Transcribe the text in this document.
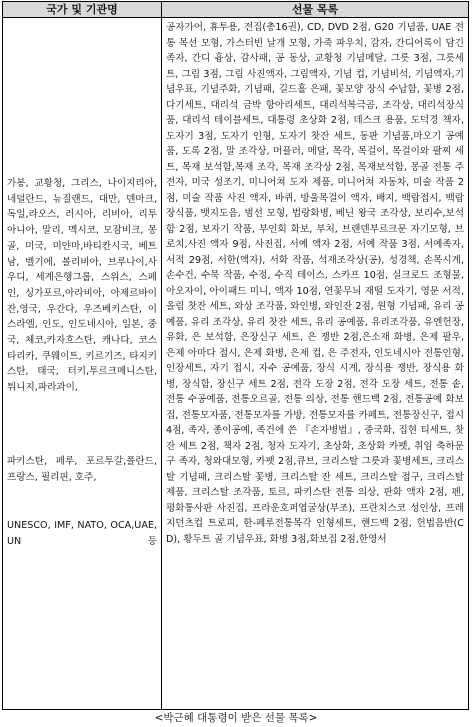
국가 및 기관명	선물 목록
가봉, 교황청, 그리스, 나이지리아, 네덜란드, 뉴질랜드, 대만, 덴마크, 독일,라오스, 러시아, 리비아, 리투아니아, 말리, 멕시코, 모잠비크, 몽골, 미국, 미얀마,바티칸시국, 베트남, 벨기에, 볼리비아, 브루나이,사우디, 세계은행그룹, 스위스, 스페인, 싱가포르,아라비아, 아제르바이잔,영국, 우간다, 우즈베키스탄, 이스라엘, 인도, 인도네시아, 일본, 중국, 체코,카자흐스탄, 캐나다, 코스타리카, 쿠웨이트, 키르기즈, 타지키스탄, 태국, 터키,투르크메니스탄, 튀니지,파라과이,
파키스탄, 페루, 포르투갈,폴란드, 프랑스, 필리핀, 호주,
UNESCO, IMF, NATO, OCA,UAE, UN 등
공자가어, 휴투용, 전집(총16권), CD, DVD 2점, G20 기념품, UAE 전통 목선 모형, 가스터빈 날개 모형, 가죽 파우치, 감자, 간디어록이 담긴 족자, 간디 흉상, 감사패, 공 동상, 교황청 기념메달, 그릇 3점, 그릇세트, 그림 3점, 그림 사진액자, 그림액자, 기념 컵, 기념비석, 기념액자,기념우표, 기념주화, 기념패, 길드홀 은패, 꽃모양 장식 수납함, 꽃병 2점, 다기세트, 대리석 금박 항아리세트, 대리석복극곰, 조각상, 대리석장식품, 대리석 테이블세트, 대통령 초상화 2점, 데스크 용품, 도덕경 책자, 도자기 3점, 도자기 인형, 도자기 찻잔 세트, 동판 기념품,마오기 공예품, 도록 2점, 말 조각상, 머플러, 메달, 목각, 목걸이, 목걸이와 팔찌 세트, 목재 보석함,목재 조각, 목재 조각상 2점, 목재보석함, 몽골 전통 주전자, 미국 성조기, 미니어쳐 도자 제품, 미니어쳐 자동차, 미술 작품 2점, 미술 작품 사진 액자, 바퀴, 방울목걸이 액자, 배지, 백랍접시, 백랍장식품, 뱃지도음, 범선 모형, 법랑화병, 베닌 왕국 조각상, 보리수,보석함 2점, 보자기 작품, 부인회 화보, 부처, 브랜덴부르크문 자기모형, 브로치,사진 액자 9점, 사진집, 서예 액자 2점, 서예 작품 3점, 서예족자, 서적 29점, 서한(액자), 서화 작품, 석재조각상(공), 성경책, 손목시계, 손수건, 수묵 작품, 수정, 수직 테이스, 스카프 10점, 실크로드 조형물, 아오자이, 아이패드 미니, 액자 10점, 연꽃무늬 재떨 도자기, 영문 서적, 올림 찻잔 세트, 와상 조각품, 와인병, 와인잔 2점, 원형 기념패, 유리 공예품, 유리 조각상, 유리 찻잔 세트, 유리 공예품, 유리조각품, 유엔헌장, 유화, 은 보석함, 은장신구 세트, 은 쟁반 2점,은소재 화병, 은제 팔우, 은제 아마다 접시, 은제 화병, 은제 컵, 은 주전자, 인도네시아 전통인형, 인장세트, 자기 접시, 자수 공예품, 장식 시계, 장식용 쟁반, 장식용 화병, 장식함, 장신구 세트 2점, 전각 도장 2점, 전각 도장 세트, 전통 솥, 전통 수공예품, 전통오르골, 전통 의상, 전통 핸드백 2점, 전통공예 화보집, 전통모자품, 전통모자를 가방, 전통모자를 카페트, 전통장신구, 접시 4점, 족자, 종이공예, 족건에 쓴 『손자병법』, 중국화, 집현 티세트, 찻잔 세트 2점, 책자 2점, 청자 도자기, 초상화, 초상화 카펫, 취임 축하문구 족자, 청와대모형, 카펫 2점,큐브, 크리스탈 그릇과 꽃병세트, 크리스탈 기념패, 크리스탈 꽃병, 크리스탈 잔 세트, 크리스탈 접구, 크리스탈 제품, 크리스탈 조각품, 토르, 파키스탄 전통 의상, 판화 액자 2점, 펜, 평화통사판 사진집, 프라운호퍼엽굴상(부조), 프란치스코 성인상, 프레지던츠컵 트로피, 한-페루전통목각 인형세트, 핸드백 2점, 헌법음반(CD), 황두트 골 기념우표, 화병 3점,화보집 2점,한영서
<박근혜 대통령이 받은 선물 목록>
